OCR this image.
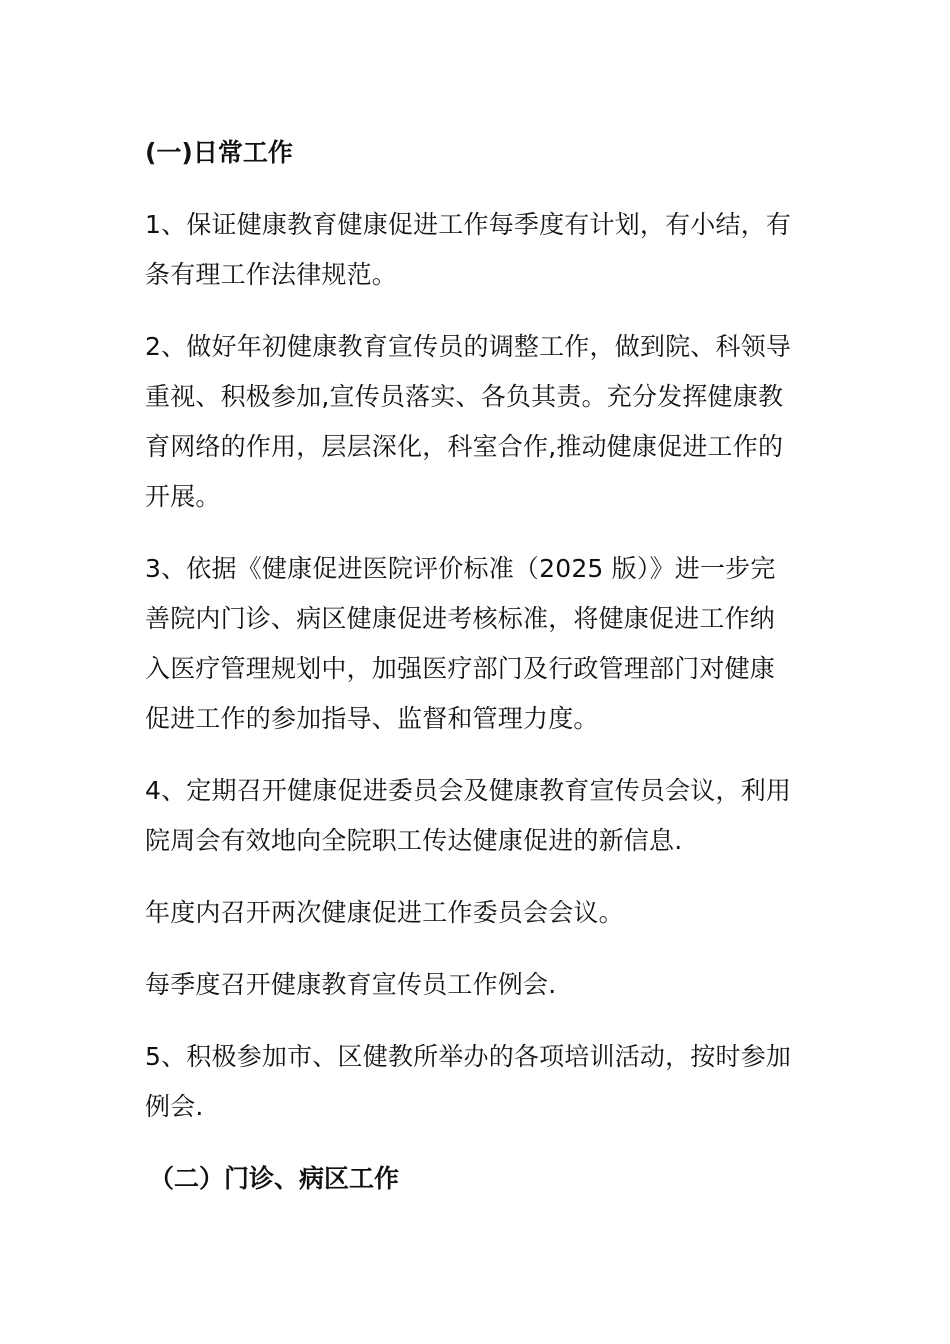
(一)日常工作
1、保证健康教育健康促进工作每季度有计划，有小结，有
条有理工作法律规范。
2、做好年初健康教育宣传员的调整工作，做到院、科领导
重视、积极参加,宣传员落实、各负其责。充分发挥健康教
育网络的作用，层层深化，科室合作,推动健康促进工作的
开展。
3、依据《健康促进医院评价标准（2025 版）》进一步完
善院内门诊、病区健康促进考核标准，将健康促进工作纳
入医疗管理规划中，加强医疗部门及行政管理部门对健康
促进工作的参加指导、监督和管理力度。
4、定期召开健康促进委员会及健康教育宣传员会议，利用
院周会有效地向全院职工传达健康促进的新信息.
年度内召开两次健康促进工作委员会会议。
每季度召开健康教育宣传员工作例会.
5、积极参加市、区健教所举办的各项培训活动，按时参加
例会.
（二）门诊、病区工作
